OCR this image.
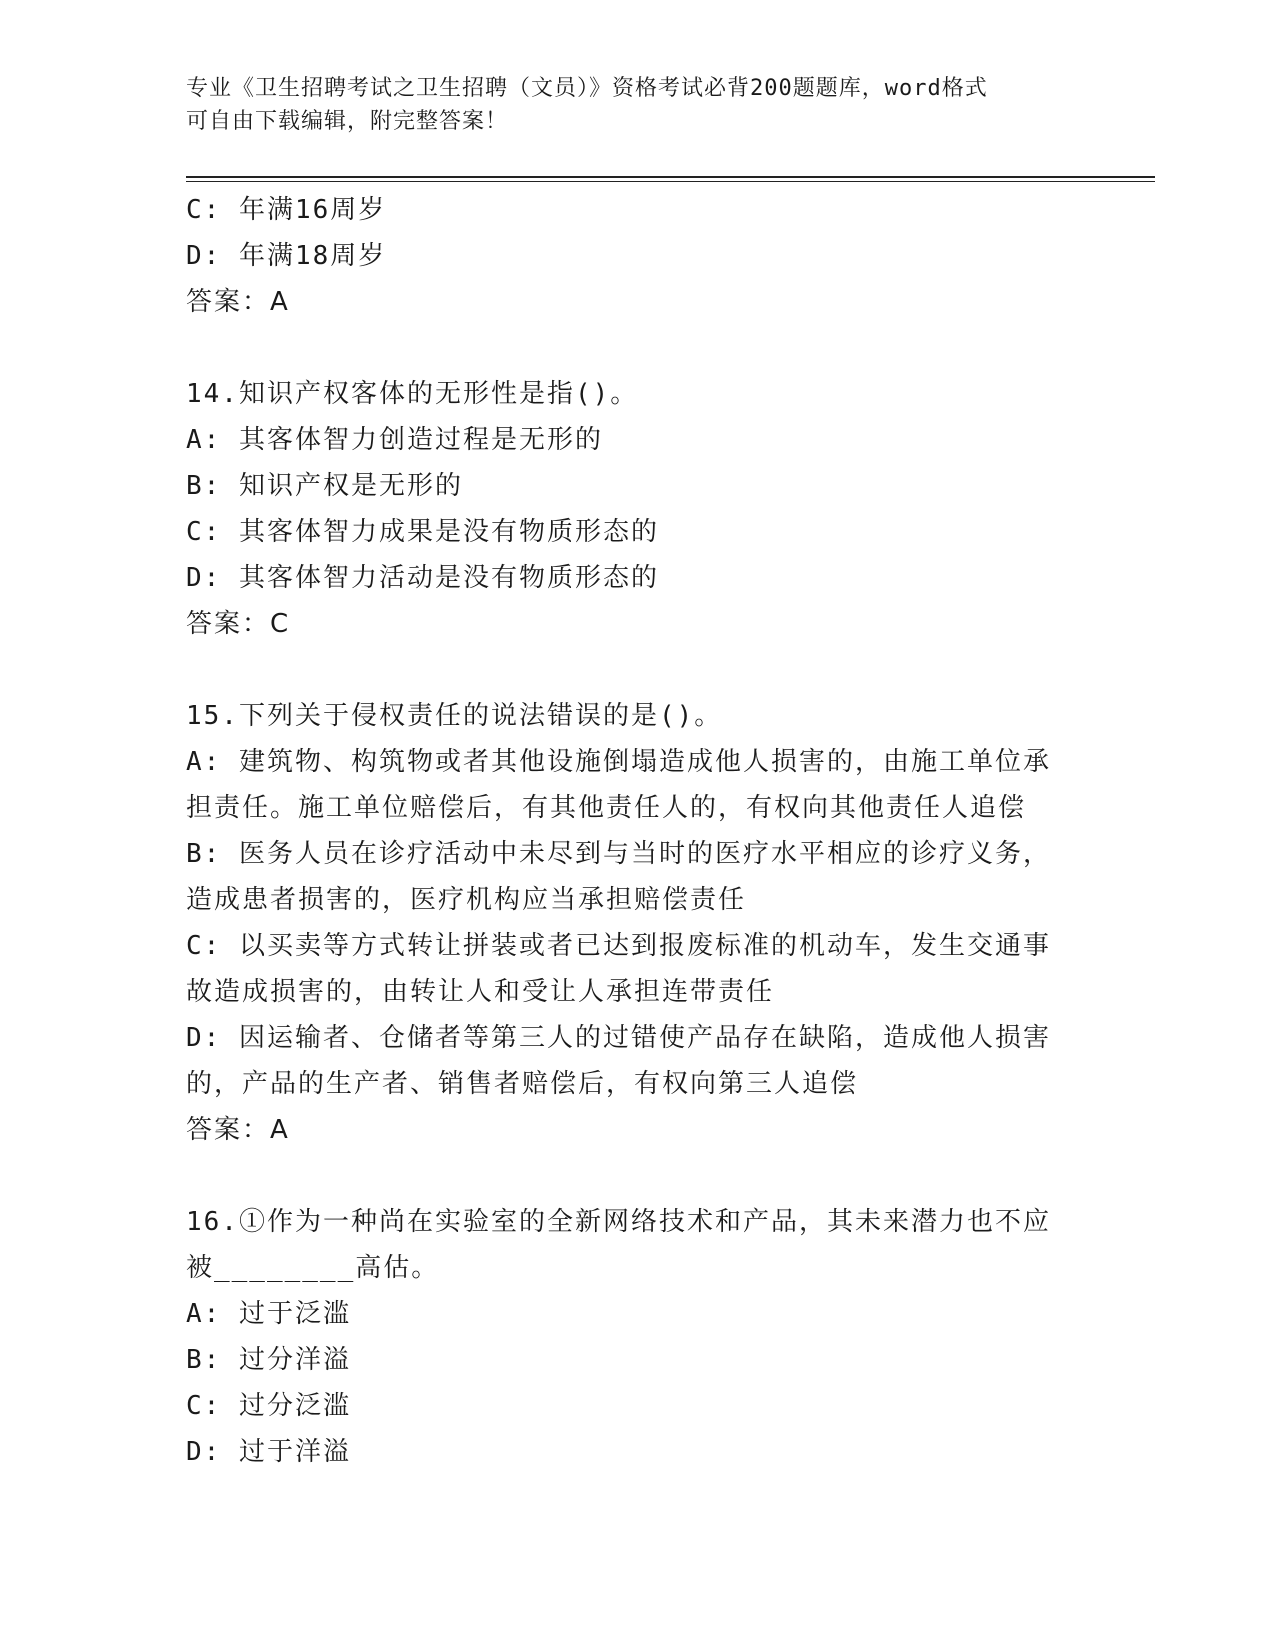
专业《卫生招聘考试之卫生招聘（文员）》资格考试必背200题题库，word格式
可自由下载编辑，附完整答案！

C: 年满16周岁

D: 年满18周岁

答案：A

14.知识产权客体的无形性是指()。

A: 其客体智力创造过程是无形的

B: 知识产权是无形的

C: 其客体智力成果是没有物质形态的

D: 其客体智力活动是没有物质形态的

答案：C

15.下列关于侵权责任的说法错误的是()。

A: 建筑物、构筑物或者其他设施倒塌造成他人损害的，由施工单位承

担责任。施工单位赔偿后，有其他责任人的，有权向其他责任人追偿

B: 医务人员在诊疗活动中未尽到与当时的医疗水平相应的诊疗义务，

造成患者损害的，医疗机构应当承担赔偿责任

C: 以买卖等方式转让拼装或者已达到报废标准的机动车，发生交通事

故造成损害的，由转让人和受让人承担连带责任

D: 因运输者、仓储者等第三人的过错使产品存在缺陷，造成他人损害

的，产品的生产者、销售者赔偿后，有权向第三人追偿

答案：A

16.①作为一种尚在实验室的全新网络技术和产品，其未来潜力也不应

被________高估。

A: 过于泛滥

B: 过分洋溢

C: 过分泛滥

D: 过于洋溢
